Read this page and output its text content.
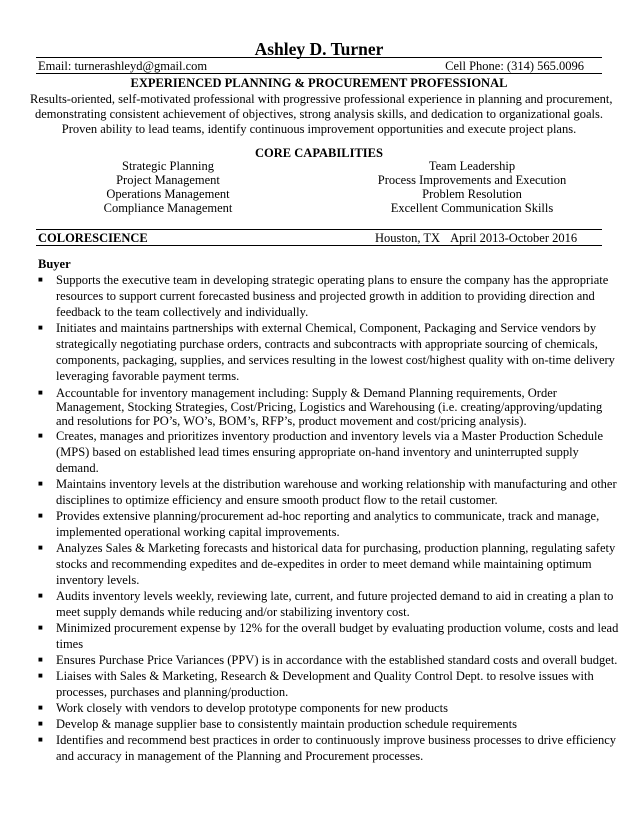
Ashley D. Turner
Email: turnerashleyd@gmail.com	Cell Phone: (314) 565.0096
EXPERIENCED PLANNING & PROCUREMENT PROFESSIONAL
Results-oriented, self-motivated professional with progressive professional experience in planning and procurement,
demonstrating consistent achievement of objectives, strong analysis skills, and dedication to organizational goals.
Proven ability to lead teams, identify continuous improvement opportunities and execute project plans.
CORE CAPABILITIES
Strategic Planning
Project Management
Operations Management
Compliance Management
Team Leadership
Process Improvements and Execution
Problem Resolution
Excellent Communication Skills
COLORESCIENCE	Houston, TX April 2013-October 2016
Buyer
■ Supports the executive team in developing strategic operating plans to ensure the company has the appropriate
resources to support current forecasted business and projected growth in addition to providing direction and
feedback to the team collectively and individually.
■ Initiates and maintains partnerships with external Chemical, Component, Packaging and Service vendors by
strategically negotiating purchase orders, contracts and subcontracts with appropriate sourcing of chemicals,
components, packaging, supplies, and services resulting in the lowest cost/highest quality with on-time delivery
leveraging favorable payment terms.
■ Accountable for inventory management including: Supply & Demand Planning requirements, Order
Management, Stocking Strategies, Cost/Pricing, Logistics and Warehousing (i.e. creating/approving/updating
and resolutions for PO’s, WO’s, BOM’s, RFP’s, product movement and cost/pricing analysis).
■ Creates, manages and prioritizes inventory production and inventory levels via a Master Production Schedule
(MPS) based on established lead times ensuring appropriate on-hand inventory and uninterrupted supply
demand.
■ Maintains inventory levels at the distribution warehouse and working relationship with manufacturing and other
disciplines to optimize efficiency and ensure smooth product flow to the retail customer.
■ Provides extensive planning/procurement ad-hoc reporting and analytics to communicate, track and manage,
implemented operational working capital improvements.
■ Analyzes Sales & Marketing forecasts and historical data for purchasing, production planning, regulating safety
stocks and recommending expedites and de-expedites in order to meet demand while maintaining optimum
inventory levels.
■ Audits inventory levels weekly, reviewing late, current, and future projected demand to aid in creating a plan to
meet supply demands while reducing and/or stabilizing inventory cost.
■ Minimized procurement expense by 12% for the overall budget by evaluating production volume, costs and lead
times
■ Ensures Purchase Price Variances (PPV) is in accordance with the established standard costs and overall budget.
■ Liaises with Sales & Marketing, Research & Development and Quality Control Dept. to resolve issues with
processes, purchases and planning/production.
■ Work closely with vendors to develop prototype components for new products
■ Develop & manage supplier base to consistently maintain production schedule requirements
■ Identifies and recommend best practices in order to continuously improve business processes to drive efficiency
and accuracy in management of the Planning and Procurement processes.
